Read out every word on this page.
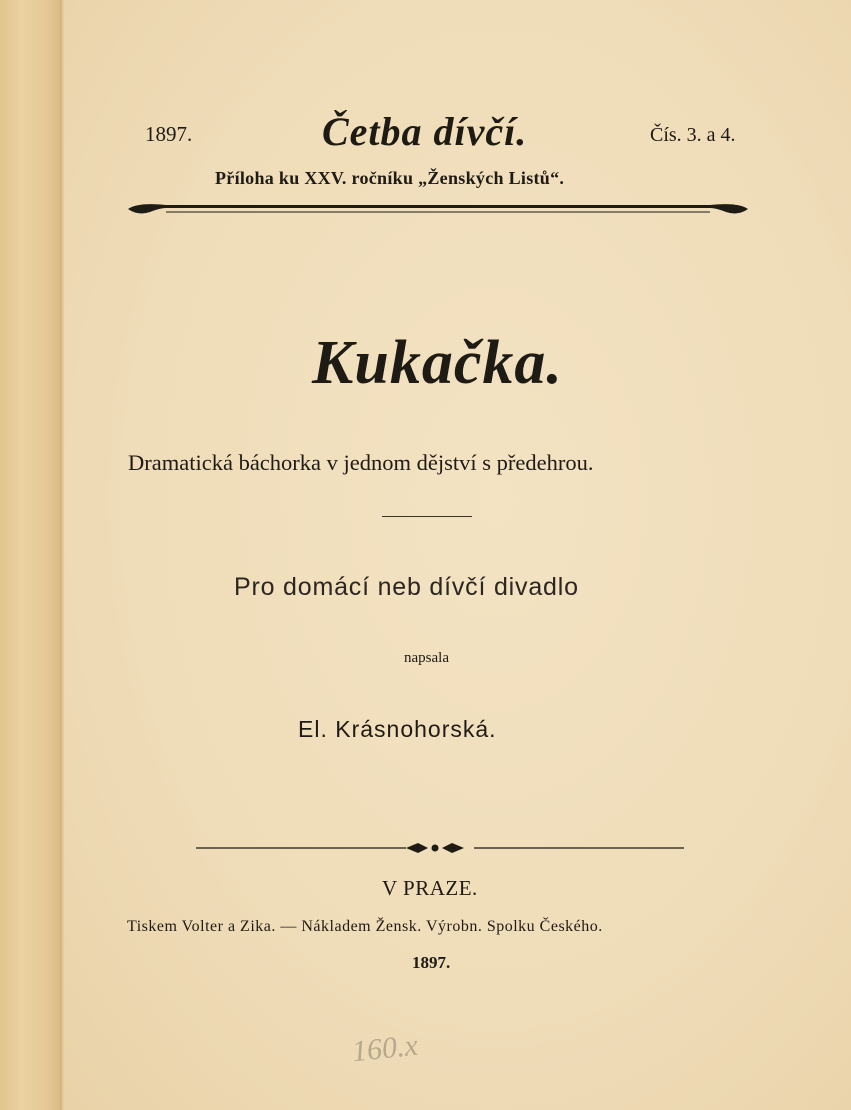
1897.	Četba dívčí.	Čís. 3. a 4.
Příloha ku XXV. ročníku „Ženských Listů“.
Kukačka.
Dramatická báchorka v jednom dějství s předehrou.
Pro domácí neb dívčí divadlo
napsala
El. Krásnohorská.
V PRAZE.
Tiskem Volter a Zika. — Nákladem Žensk. Výrobn. Spolku Českého.
1897.
160.x
